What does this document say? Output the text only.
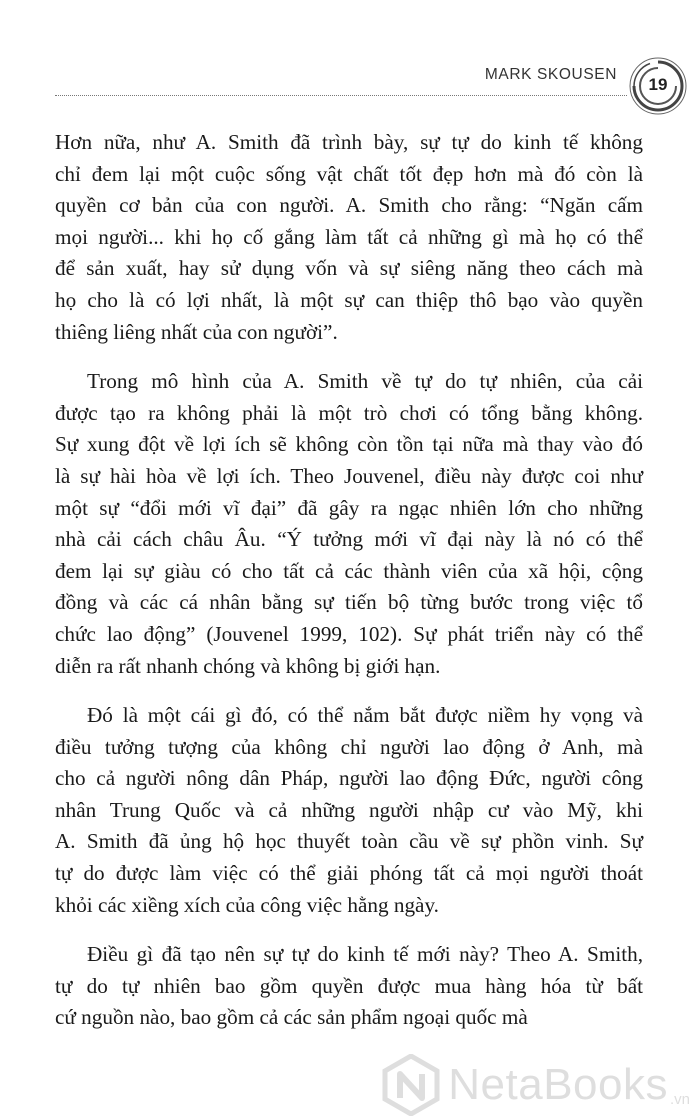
MARK SKOUSEN
19

Hơn nữa, như A. Smith đã trình bày, sự tự do kinh tế không
chỉ đem lại một cuộc sống vật chất tốt đẹp hơn mà đó còn là
quyền cơ bản của con người. A. Smith cho rằng: “Ngăn cấm
mọi người... khi họ cố gắng làm tất cả những gì mà họ có thể
để sản xuất, hay sử dụng vốn và sự siêng năng theo cách mà
họ cho là có lợi nhất, là một sự can thiệp thô bạo vào quyền
thiêng liêng nhất của con người”.

Trong mô hình của A. Smith về tự do tự nhiên, của cải
được tạo ra không phải là một trò chơi có tổng bằng không.
Sự xung đột về lợi ích sẽ không còn tồn tại nữa mà thay vào đó
là sự hài hòa về lợi ích. Theo Jouvenel, điều này được coi như
một sự “đổi mới vĩ đại” đã gây ra ngạc nhiên lớn cho những
nhà cải cách châu Âu. “Ý tưởng mới vĩ đại này là nó có thể
đem lại sự giàu có cho tất cả các thành viên của xã hội, cộng
đồng và các cá nhân bằng sự tiến bộ từng bước trong việc tổ
chức lao động” (Jouvenel 1999, 102). Sự phát triển này có thể
diễn ra rất nhanh chóng và không bị giới hạn.

Đó là một cái gì đó, có thể nắm bắt được niềm hy vọng và
điều tưởng tượng của không chỉ người lao động ở Anh, mà
cho cả người nông dân Pháp, người lao động Đức, người công
nhân Trung Quốc và cả những người nhập cư vào Mỹ, khi
A. Smith đã ủng hộ học thuyết toàn cầu về sự phồn vinh. Sự
tự do được làm việc có thể giải phóng tất cả mọi người thoát
khỏi các xiềng xích của công việc hằng ngày.

Điều gì đã tạo nên sự tự do kinh tế mới này? Theo A. Smith,
tự do tự nhiên bao gồm quyền được mua hàng hóa từ bất
cứ nguồn nào, bao gồm cả các sản phẩm ngoại quốc mà

NetaBooks .vn
